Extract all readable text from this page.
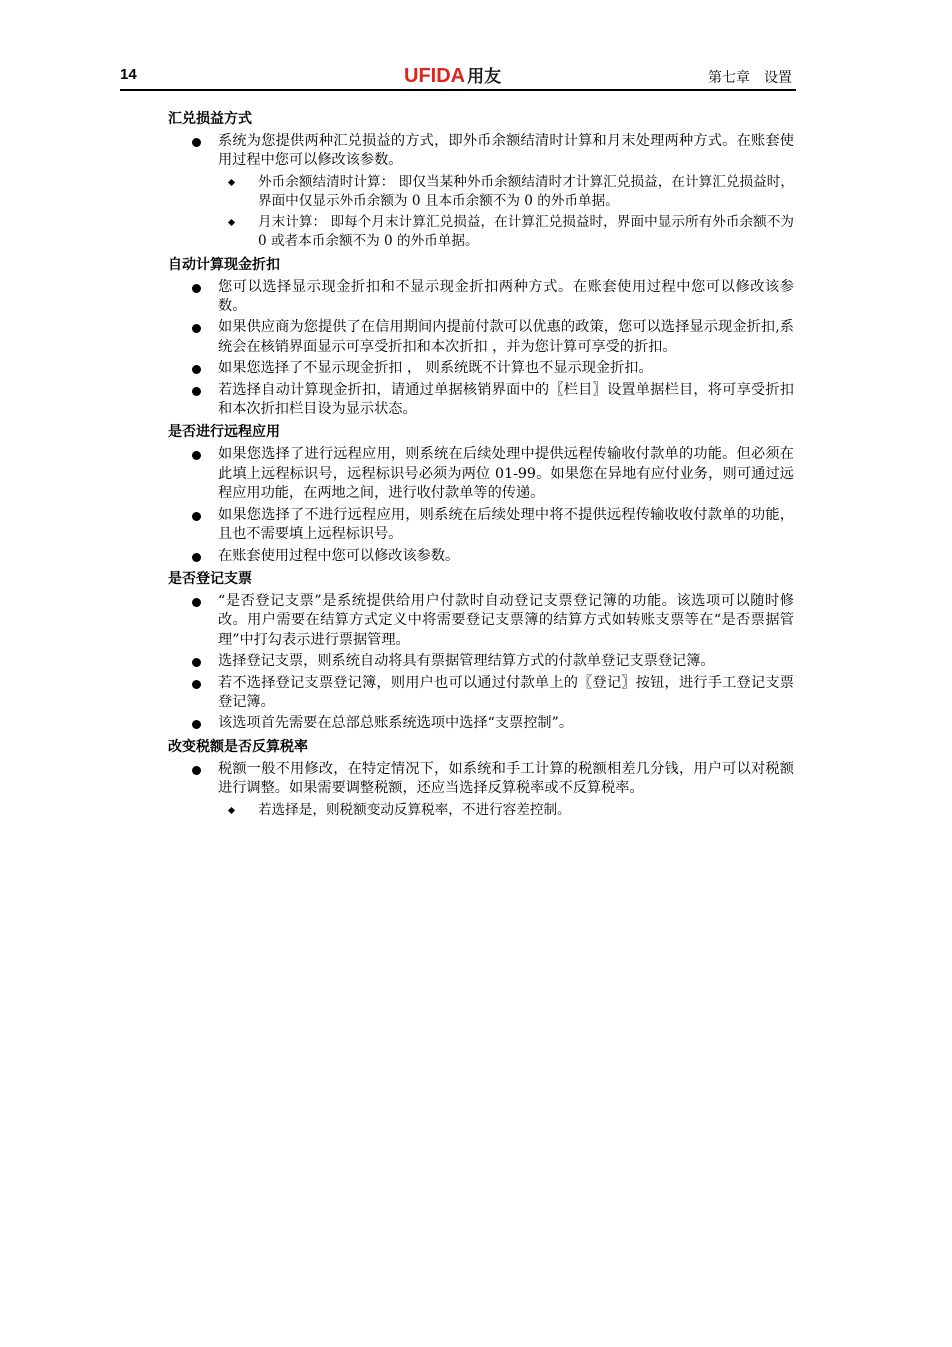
14	UFIDA 用友	第七章　设置
汇兑损益方式
系统为您提供两种汇兑损益的方式，即外币余额结清时计算和月末处理两种方式。在账套使用过程中您可以修改该参数。
外币余额结清时计算： 即仅当某种外币余额结清时才计算汇兑损益，在计算汇兑损益时，界面中仅显示外币余额为 0 且本币余额不为 0 的外币单据。
月末计算： 即每个月末计算汇兑损益，在计算汇兑损益时，界面中显示所有外币余额不为 0 或者本币余额不为 0 的外币单据。
自动计算现金折扣
您可以选择显示现金折扣和不显示现金折扣两种方式。在账套使用过程中您可以修改该参数。
如果供应商为您提供了在信用期间内提前付款可以优惠的政策，您可以选择显示现金折扣,系统会在核销界面显示可享受折扣和本次折扣 ，并为您计算可享受的折扣。
如果您选择了不显示现金折扣 ， 则系统既不计算也不显示现金折扣。
若选择自动计算现金折扣，请通过单据核销界面中的〖栏目〗设置单据栏目，将可享受折扣和本次折扣栏目设为显示状态。
是否进行远程应用
如果您选择了进行远程应用，则系统在后续处理中提供远程传输收付款单的功能。但必须在此填上远程标识号，远程标识号必须为两位 01-99。如果您在异地有应付业务，则可通过远程应用功能，在两地之间，进行收付款单等的传递。
如果您选择了不进行远程应用，则系统在后续处理中将不提供远程传输收收付款单的功能，且也不需要填上远程标识号。
在账套使用过程中您可以修改该参数。
是否登记支票
“是否登记支票”是系统提供给用户付款时自动登记支票登记簿的功能。该选项可以随时修改。用户需要在结算方式定义中将需要登记支票簿的结算方式如转账支票等在“是否票据管理”中打勾表示进行票据管理。
选择登记支票，则系统自动将具有票据管理结算方式的付款单登记支票登记簿。
若不选择登记支票登记簿，则用户也可以通过付款单上的〖登记〗按钮，进行手工登记支票登记簿。
该选项首先需要在总部总账系统选项中选择“支票控制”。
改变税额是否反算税率
税额一般不用修改，在特定情况下，如系统和手工计算的税额相差几分钱，用户可以对税额进行调整。如果需要调整税额，还应当选择反算税率或不反算税率。
若选择是，则税额变动反算税率，不进行容差控制。
